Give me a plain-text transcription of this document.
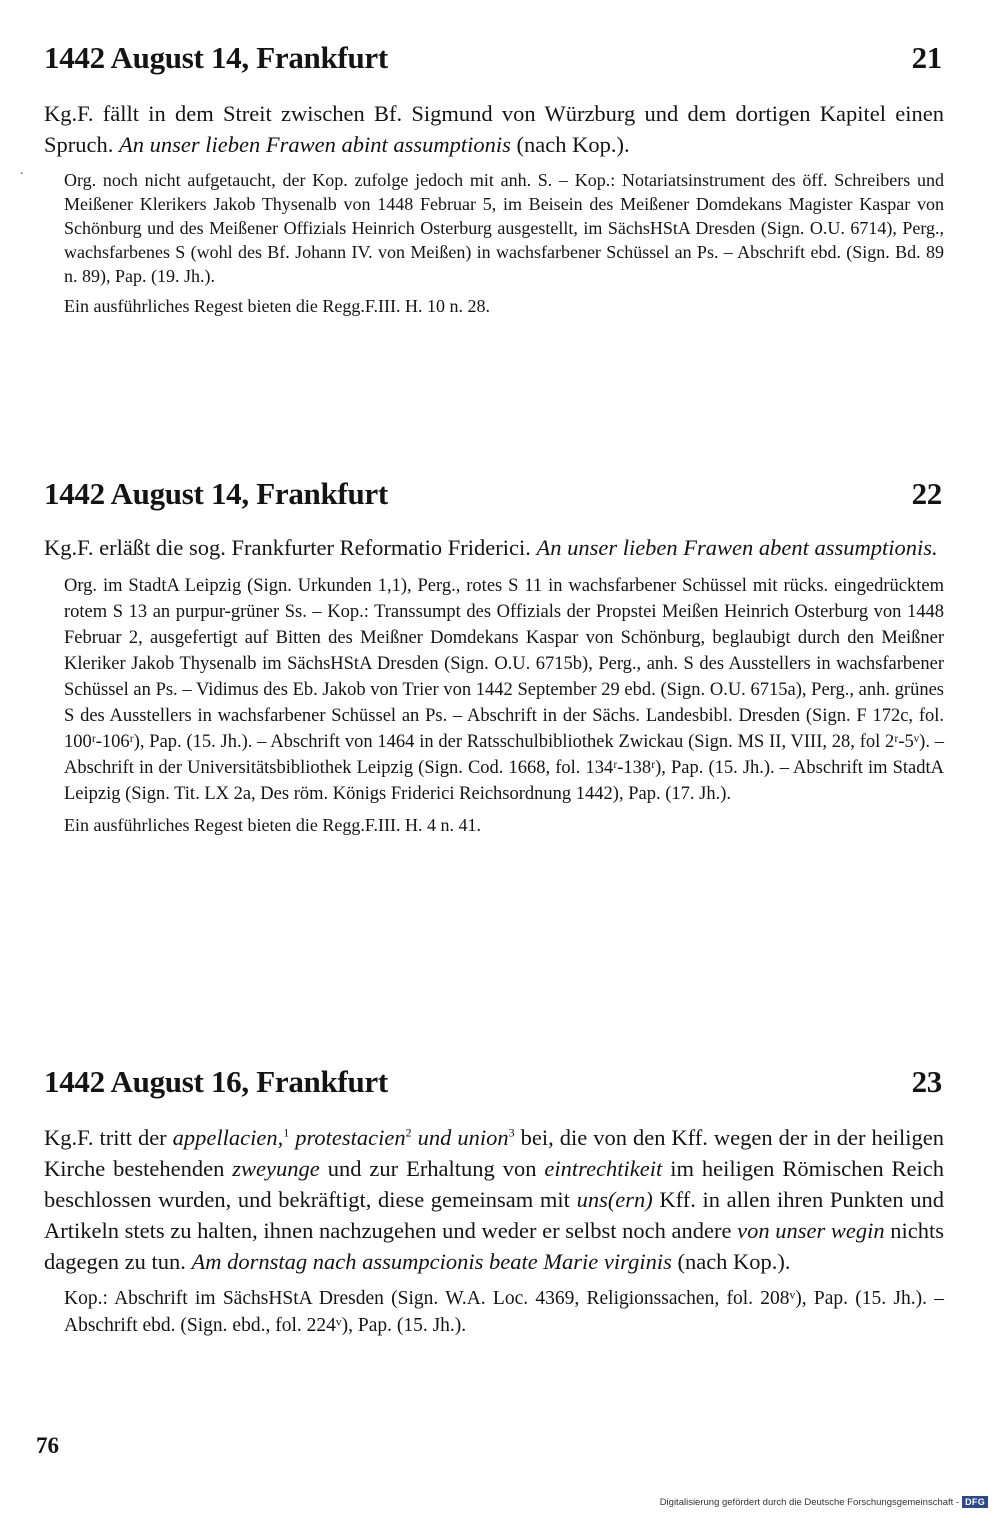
.
1442 August 14, Frankfurt	21

Kg.F. fällt in dem Streit zwischen Bf. Sigmund von Würzburg und dem dortigen Kapitel einen Spruch. An unser lieben Frawen abint assumptionis (nach Kop.).

Org. noch nicht aufgetaucht, der Kop. zufolge jedoch mit anh. S. – Kop.: Notariatsinstrument des öff. Schreibers und Meißener Klerikers Jakob Thysenalb von 1448 Februar 5, im Beisein des Meißener Domdekans Magister Kaspar von Schönburg und des Meißener Offizials Heinrich Osterburg ausgestellt, im SächsHStA Dresden (Sign. O.U. 6714), Perg., wachsfarbenes S (wohl des Bf. Johann IV. von Meißen) in wachsfarbener Schüssel an Ps. – Abschrift ebd. (Sign. Bd. 89 n. 89), Pap. (19. Jh.).

Ein ausführliches Regest bieten die Regg.F.III. H. 10 n. 28.

1442 August 14, Frankfurt	22

Kg.F. erläßt die sog. Frankfurter Reformatio Friderici. An unser lieben Frawen abent assumptionis.

Org. im StadtA Leipzig (Sign. Urkunden 1,1), Perg., rotes S 11 in wachsfarbener Schüssel mit rücks. eingedrücktem rotem S 13 an purpur-grüner Ss. – Kop.: Transsumpt des Offizials der Propstei Meißen Heinrich Osterburg von 1448 Februar 2, ausgefertigt auf Bitten des Meißner Domdekans Kaspar von Schönburg, beglaubigt durch den Meißner Kleriker Jakob Thysenalb im SächsHStA Dresden (Sign. O.U. 6715b), Perg., anh. S des Ausstellers in wachsfarbener Schüssel an Ps. – Vidimus des Eb. Jakob von Trier von 1442 September 29 ebd. (Sign. O.U. 6715a), Perg., anh. grünes S des Ausstellers in wachsfarbener Schüssel an Ps. – Abschrift in der Sächs. Landesbibl. Dresden (Sign. F 172c, fol. 100ʳ-106ʳ), Pap. (15. Jh.). – Abschrift von 1464 in der Ratsschulbibliothek Zwickau (Sign. MS II, VIII, 28, fol 2ʳ-5ᵛ). – Abschrift in der Universitätsbibliothek Leipzig (Sign. Cod. 1668, fol. 134ʳ-138ʳ), Pap. (15. Jh.). – Abschrift im StadtA Leipzig (Sign. Tit. LX 2a, Des röm. Königs Friderici Reichsordnung 1442), Pap. (17. Jh.).

Ein ausführliches Regest bieten die Regg.F.III. H. 4 n. 41.

1442 August 16, Frankfurt	23

Kg.F. tritt der appellacien,$^1$ protestacien$^2$ und union$^3$ bei, die von den Kff. wegen der in der heiligen Kirche bestehenden zweyunge und zur Erhaltung von eintrechtikeit im heiligen Römischen Reich beschlossen wurden, und bekräftigt, diese gemeinsam mit uns(ern) Kff. in allen ihren Punkten und Artikeln stets zu halten, ihnen nachzugehen und weder er selbst noch andere von unser wegin nichts dagegen zu tun. Am dornstag nach assumpcionis beate Marie virginis (nach Kop.).

Kop.: Abschrift im SächsHStA Dresden (Sign. W.A. Loc. 4369, Religionssachen, fol. 208ᵛ), Pap. (15. Jh.). – Abschrift ebd. (Sign. ebd., fol. 224ᵛ), Pap. (15. Jh.).

76
Digitalisierung gefördert durch die Deutsche Forschungsgemeinschaft - DFG
